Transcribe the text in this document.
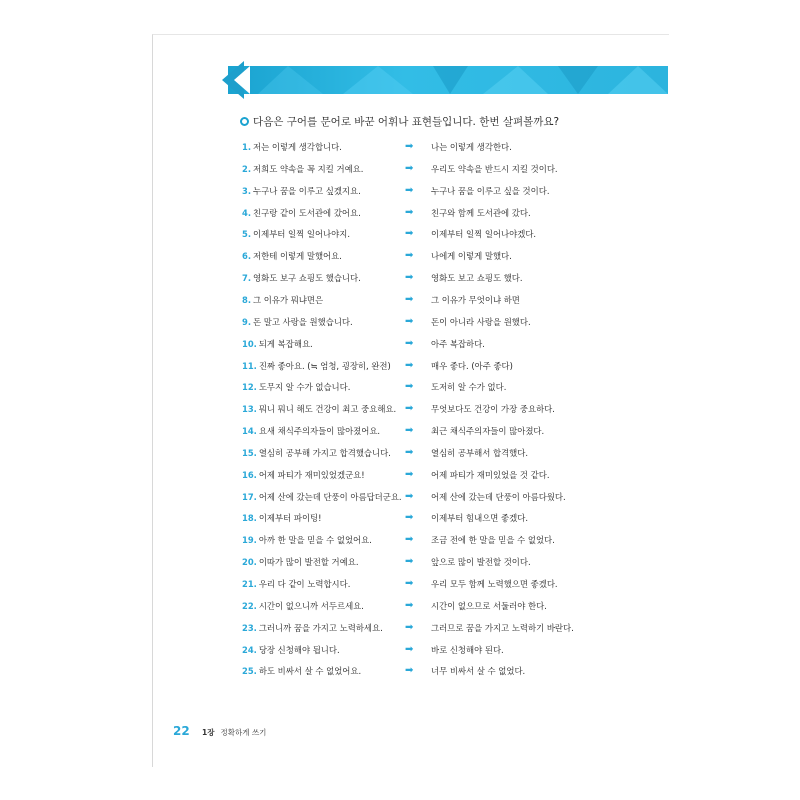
다음은 구어를 문어로 바꾼 어휘나 표현들입니다. 한번 살펴볼까요?
1. 저는 이렇게 생각합니다.	➡ 나는 이렇게 생각한다.
2. 저희도 약속을 꼭 지킬 거예요.	➡ 우리도 약속을 반드시 지킬 것이다.
3. 누구나 꿈을 이루고 싶겠지요.	➡ 누구나 꿈을 이루고 싶을 것이다.
4. 친구랑 같이 도서관에 갔어요.	➡ 친구와 함께 도서관에 갔다.
5. 이제부터 일찍 일어나야지.	➡ 이제부터 일찍 일어나야겠다.
6. 저한테 이렇게 말했어요.	➡ 나에게 이렇게 말했다.
7. 영화도 보구 쇼핑도 했습니다.	➡ 영화도 보고 쇼핑도 했다.
8. 그 이유가 뭐냐면은	➡ 그 이유가 무엇이냐 하면
9. 돈 말고 사랑을 원했습니다.	➡ 돈이 아니라 사랑을 원했다.
10. 되게 복잡해요.	➡ 아주 복잡하다.
11. 진짜 좋아요. (≒ 엄청, 굉장히, 완전) ➡ 매우 좋다. (아주 좋다)
12. 도무지 알 수가 없습니다.	➡ 도저히 알 수가 없다.
13. 뭐니 뭐니 해도 건강이 최고 중요해요. ➡ 무엇보다도 건강이 가장 중요하다.
14. 요새 채식주의자들이 많아졌어요. ➡ 최근 채식주의자들이 많아졌다.
15. 열심히 공부해 가지고 합격했습니다. ➡ 열심히 공부해서 합격했다.
16. 어제 파티가 재미있었겠군요!	➡ 어제 파티가 재미있었을 것 같다.
17. 어제 산에 갔는데 단풍이 아름답더군요. ➡ 어제 산에 갔는데 단풍이 아름다웠다.
18. 이제부터 파이팅!	➡ 이제부터 힘내으면 좋겠다.
19. 아까 한 말을 믿을 수 없었어요.	➡ 조금 전에 한 말을 믿을 수 없었다.
20. 이따가 많이 발전할 거예요.	➡ 앞으로 많이 발전할 것이다.
21. 우리 다 같이 노력합시다.	➡ 우리 모두 함께 노력했으면 좋겠다.
22. 시간이 없으니까 서두르세요.	➡ 시간이 없으므로 서둘러야 한다.
23. 그러니까 꿈을 가지고 노력하세요. ➡ 그러므로 꿈을 가지고 노력하기 바란다.
24. 당장 신청해야 됩니다.	➡ 바로 신청해야 된다.
25. 하도 비싸서 살 수 없었어요.	➡ 너무 비싸서 살 수 없었다.
22 1장 정확하게 쓰기
